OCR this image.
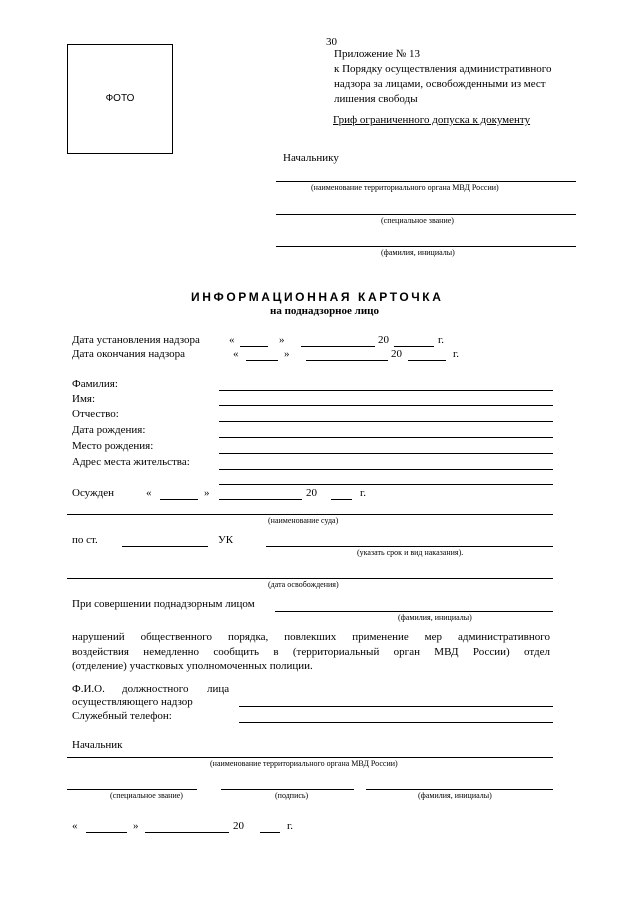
30
ФОТО
Приложение № 13
к Порядку осуществления административного
надзора за лицами, освобожденными из мест
лишения свободы
Гриф ограниченного допуска к документу
Начальнику
(наименование территориального органа МВД России)
(специальное звание)
(фамилия, инициалы)
ИНФОРМАЦИОННАЯ КАРТОЧКА
на поднадзорное лицо
Дата установления надзора	«	»	20	г.
Дата окончания надзора	«	»	20	г.
Фамилия:
Имя:
Отчество:
Дата рождения:
Место рождения:
Адрес места жительства:
Осужден	«	»	20	г.
(наименование суда)
по ст.	УК
(указать срок и вид наказания).
(дата освобождения)
При совершении поднадзорным лицом
(фамилия, инициалы)
нарушений общественного порядка, повлекших применение мер административного
воздействия немедленно сообщить в (территориальный орган МВД России) отдел
(отделение) участковых уполномоченных полиции.
Ф.И.О. должностного лица
осуществляющего надзор
Служебный телефон:
Начальник
(наименование территориального органа МВД России)
(специальное звание)	(подпись)	(фамилия, инициалы)
«	»	20	г.
